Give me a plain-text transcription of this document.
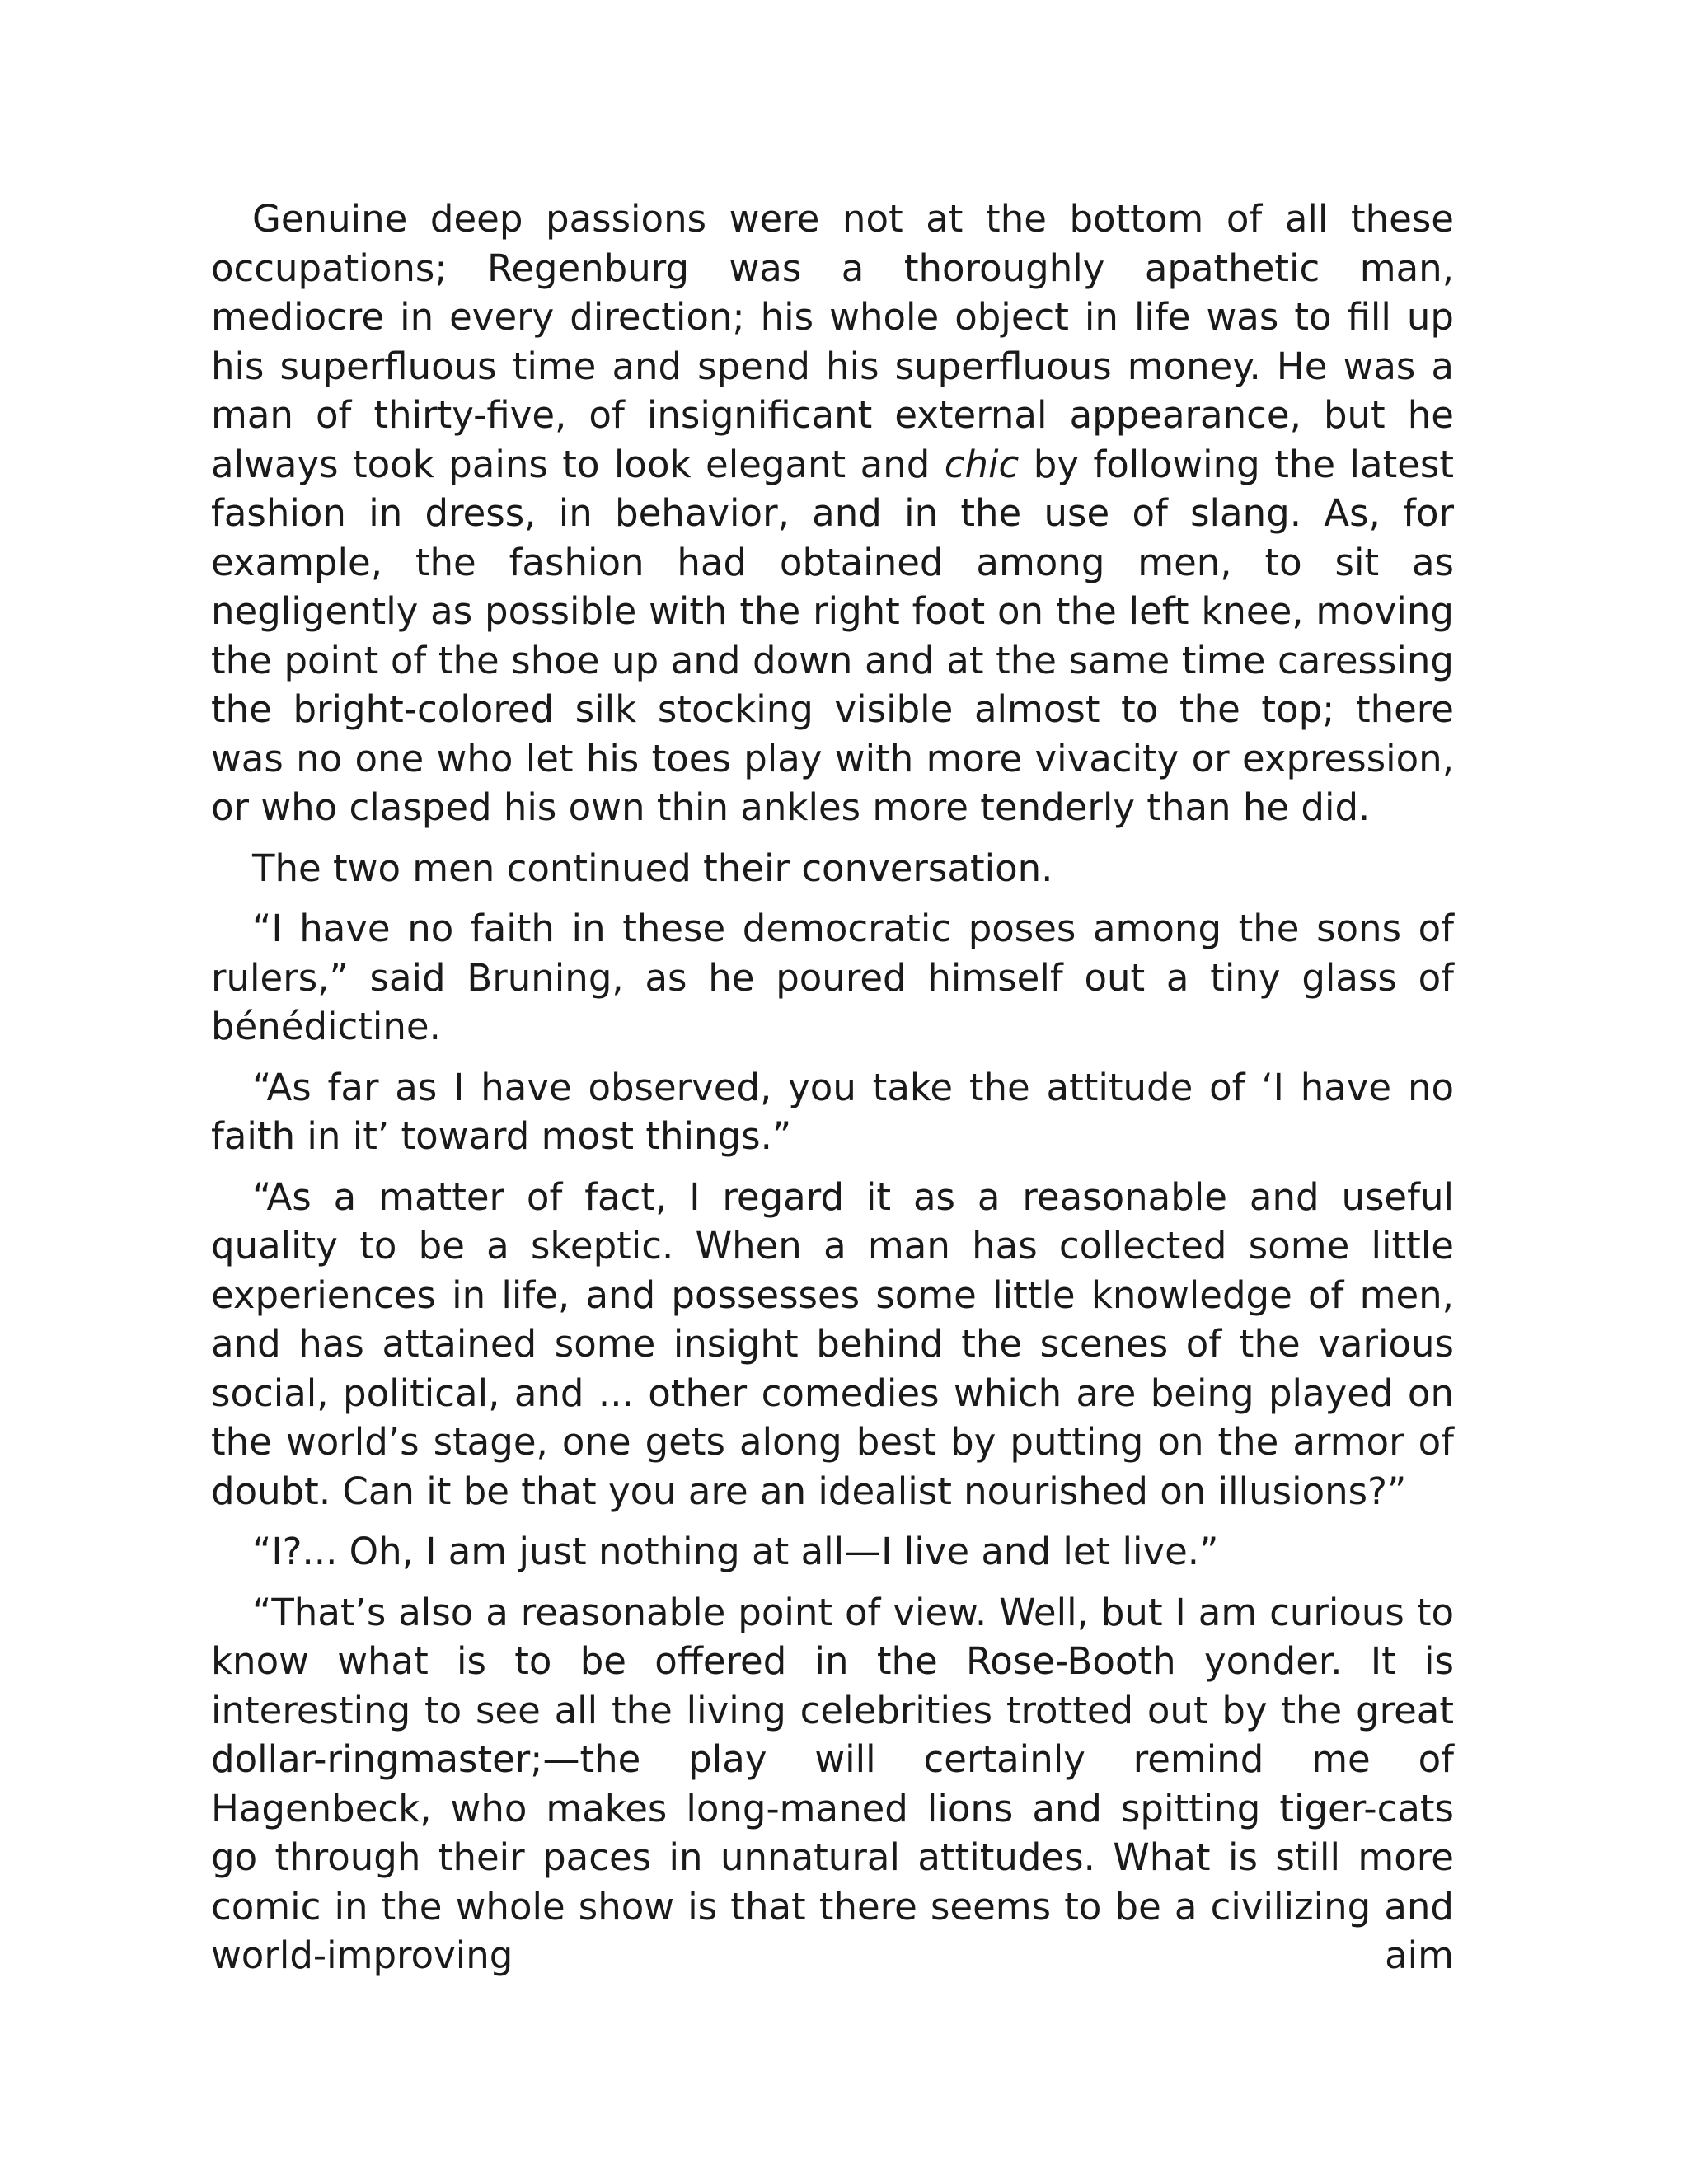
Genuine deep passions were not at the bottom of all these occupations; Regenburg was a thoroughly apathetic man, mediocre in every direction; his whole object in life was to fill up his superfluous time and spend his superfluous money. He was a man of thirty-five, of insignificant external appearance, but he always took pains to look elegant and chic by following the latest fashion in dress, in behavior, and in the use of slang. As, for example, the fashion had obtained among men, to sit as negligently as possible with the right foot on the left knee, moving the point of the shoe up and down and at the same time caressing the bright-colored silk stocking visible almost to the top; there was no one who let his toes play with more vivacity or expression, or who clasped his own thin ankles more tenderly than he did.

The two men continued their conversation.

“I have no faith in these democratic poses among the sons of rulers,” said Bruning, as he poured himself out a tiny glass of bénédictine.

“As far as I have observed, you take the attitude of ‘I have no faith in it’ toward most things.”

“As a matter of fact, I regard it as a reasonable and useful quality to be a skeptic. When a man has collected some little experiences in life, and possesses some little knowledge of men, and has attained some insight behind the scenes of the various social, political, and ... other comedies which are being played on the world’s stage, one gets along best by putting on the armor of doubt. Can it be that you are an idealist nourished on illusions?”

“I?... Oh, I am just nothing at all—I live and let live.”

“That’s also a reasonable point of view. Well, but I am curious to know what is to be offered in the Rose-Booth yonder. It is interesting to see all the living celebrities trotted out by the great dollar-ringmaster;—the play will certainly remind me of Hagenbeck, who makes long-maned lions and spitting tiger-cats go through their paces in unnatural attitudes. What is still more comic in the whole show is that there seems to be a civilizing and world-improving aim
